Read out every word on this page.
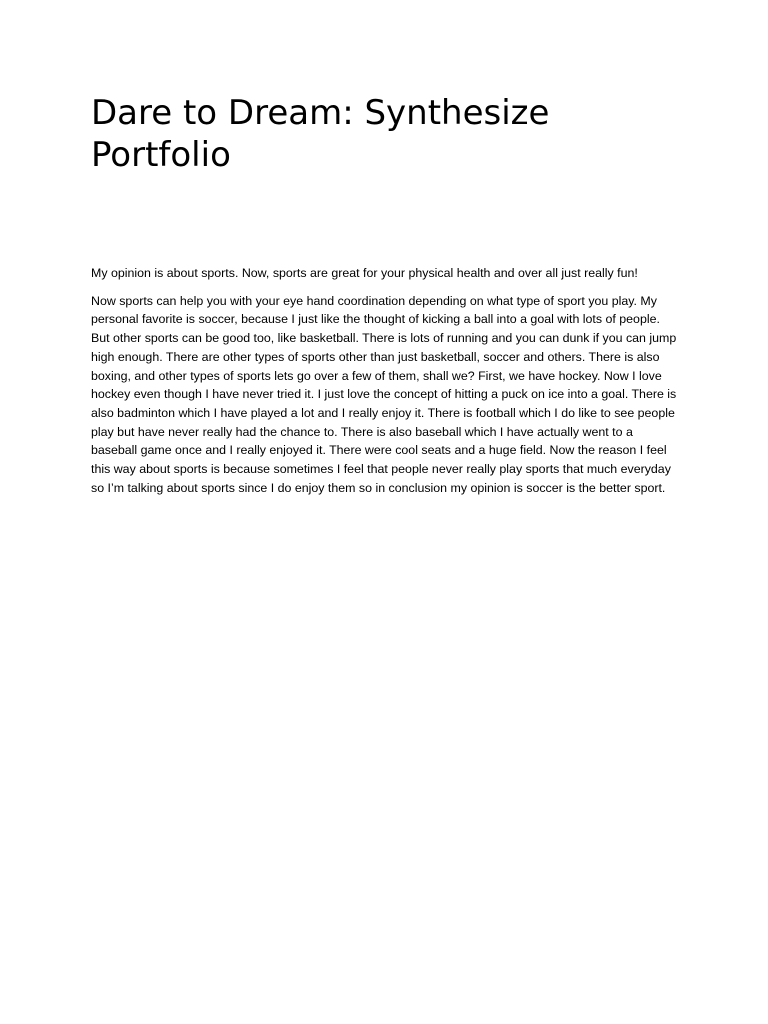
Dare to Dream: Synthesize Portfolio

My opinion is about sports. Now, sports are great for your physical health and over all just really fun!

Now sports can help you with your eye hand coordination depending on what type of sport you play. My personal favorite is soccer, because I just like the thought of kicking a ball into a goal with lots of people. But other sports can be good too, like basketball. There is lots of running and you can dunk if you can jump high enough. There are other types of sports other than just basketball, soccer and others. There is also boxing, and other types of sports lets go over a few of them, shall we? First, we have hockey. Now I love hockey even though I have never tried it. I just love the concept of hitting a puck on ice into a goal. There is also badminton which I have played a lot and I really enjoy it. There is football which I do like to see people play but have never really had the chance to. There is also baseball which I have actually went to a baseball game once and I really enjoyed it. There were cool seats and a huge field. Now the reason I feel this way about sports is because sometimes I feel that people never really play sports that much everyday so I’m talking about sports since I do enjoy them so in conclusion my opinion is soccer is the better sport.
